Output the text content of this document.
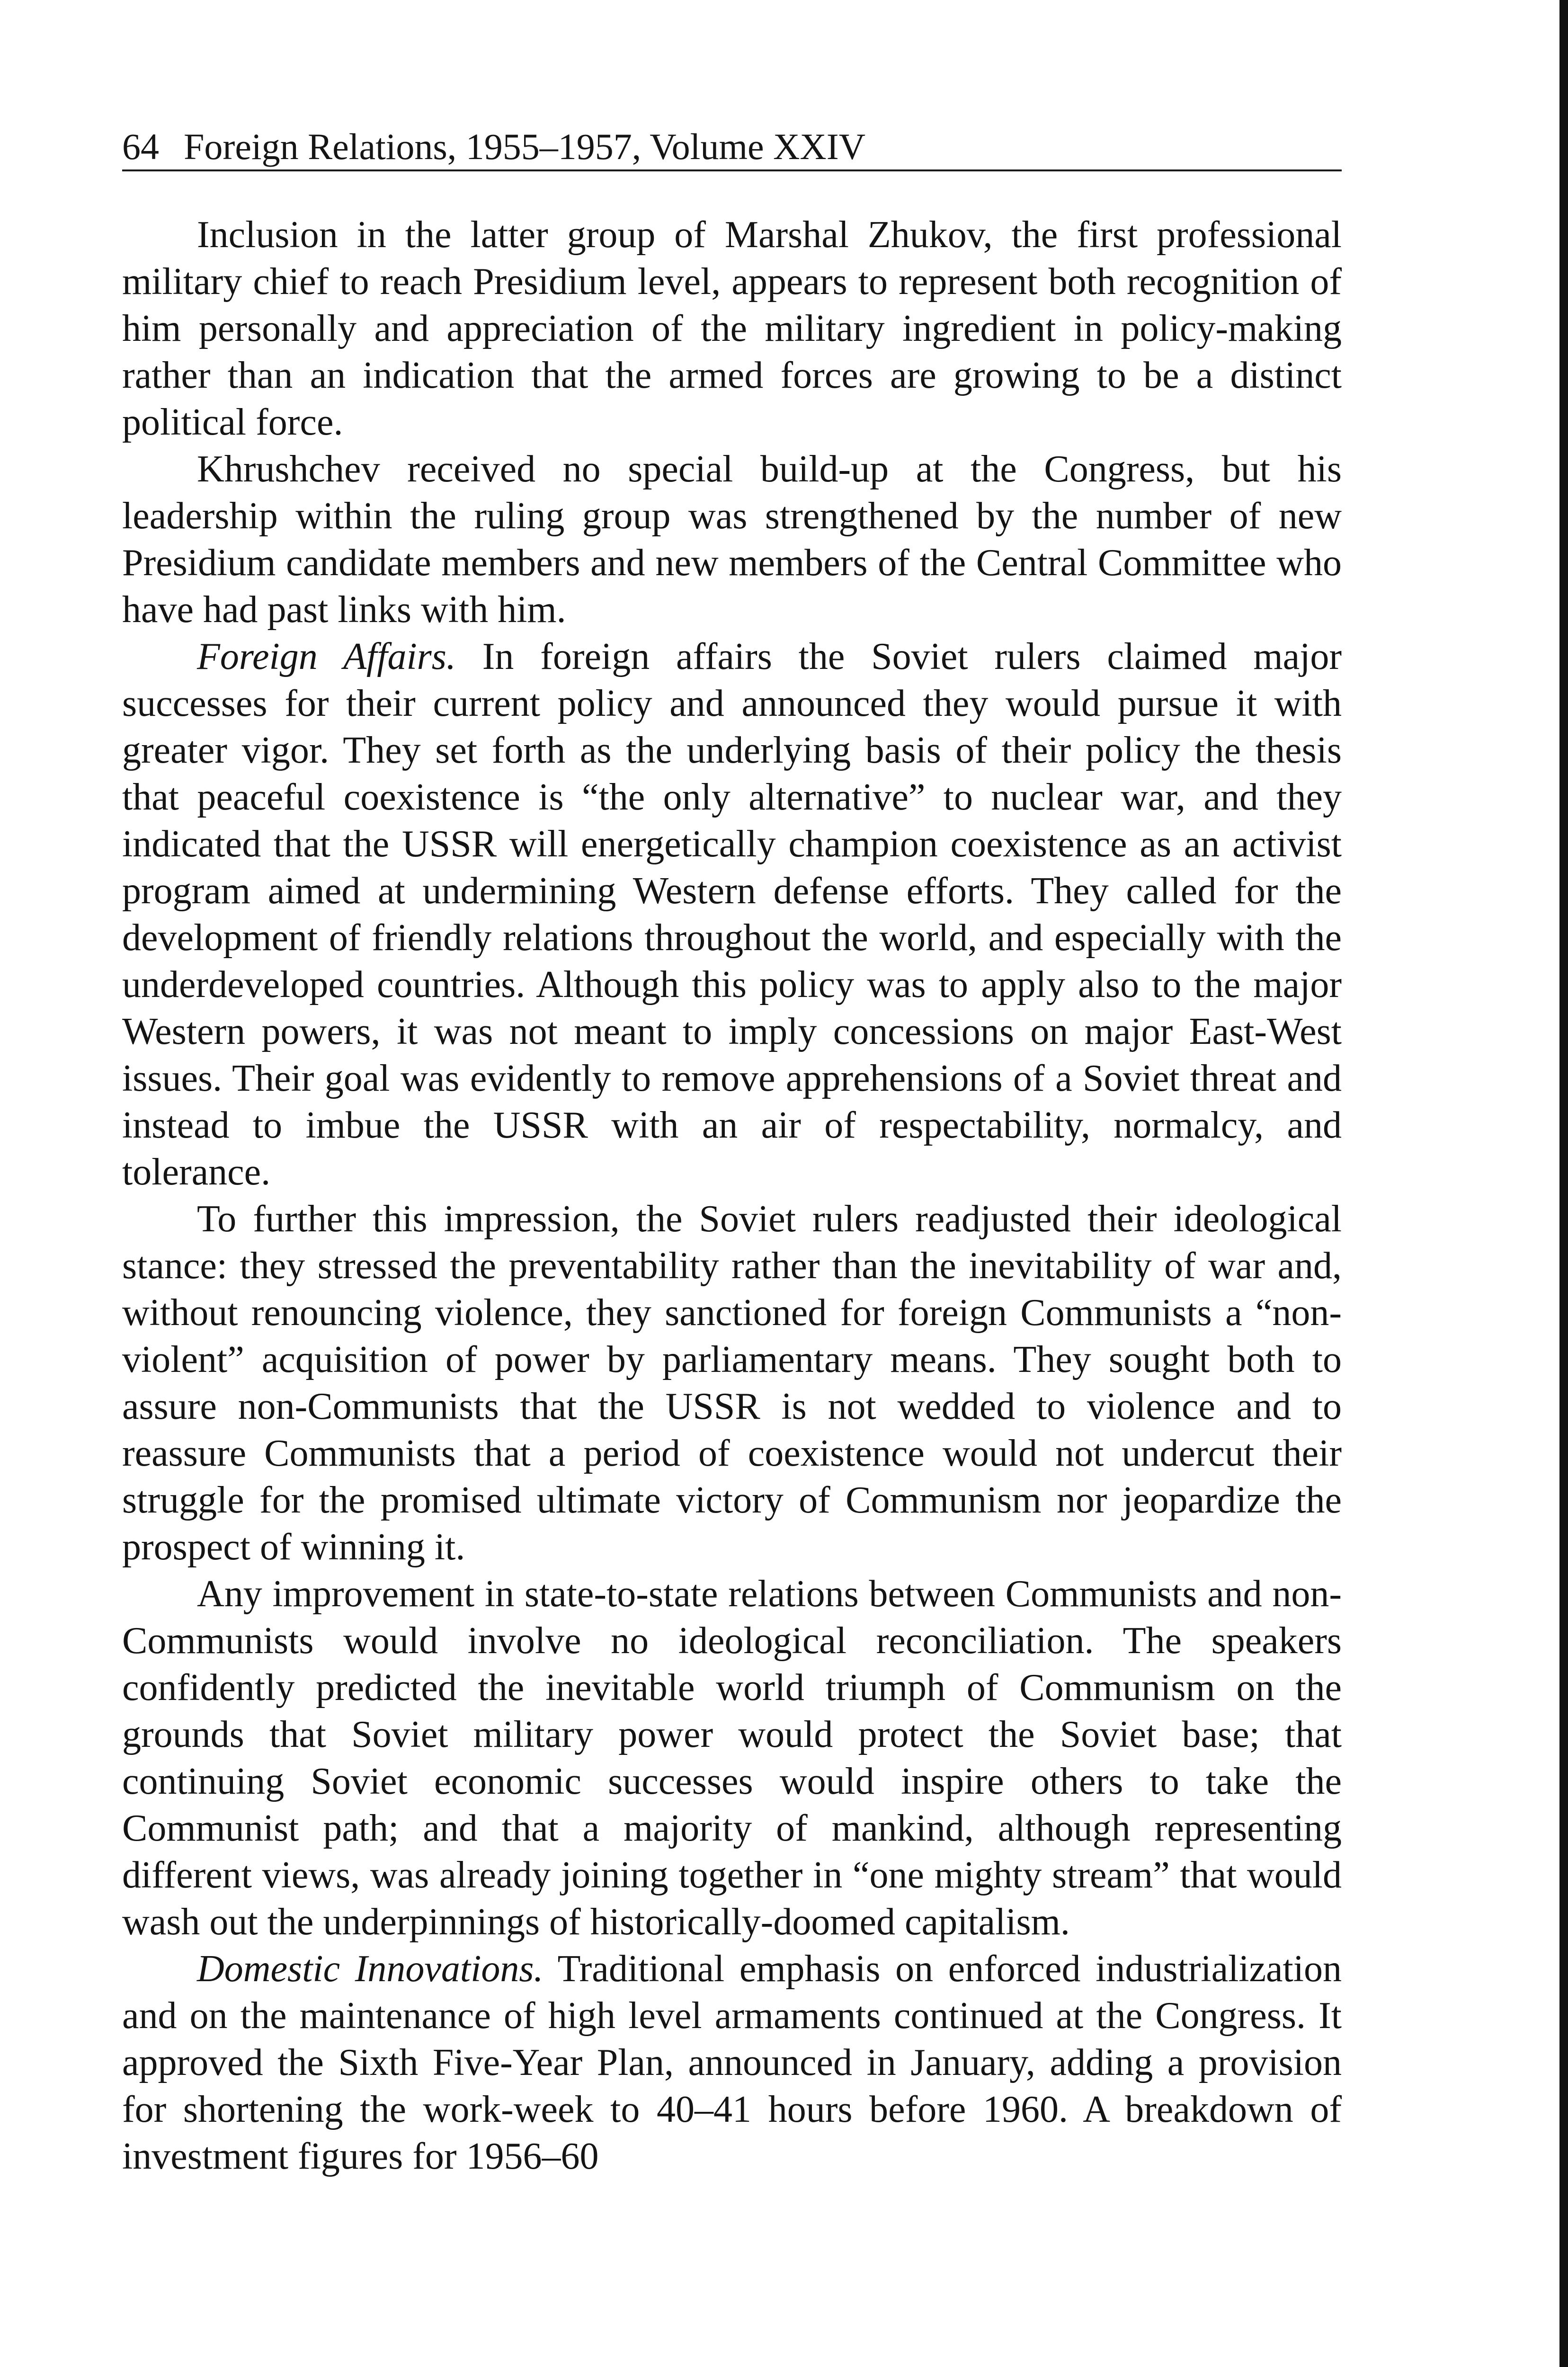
64 Foreign Relations, 1955–1957, Volume XXIV

Inclusion in the latter group of Marshal Zhukov, the first professional military chief to reach Presidium level, appears to represent both recognition of him personally and appreciation of the military ingredient in policy-making rather than an indication that the armed forces are growing to be a distinct political force.

Khrushchev received no special build-up at the Congress, but his leadership within the ruling group was strengthened by the number of new Presidium candidate members and new members of the Central Committee who have had past links with him.

Foreign Affairs. In foreign affairs the Soviet rulers claimed major successes for their current policy and announced they would pursue it with greater vigor. They set forth as the underlying basis of their policy the thesis that peaceful coexistence is “the only alternative” to nuclear war, and they indicated that the USSR will energetically champion coexistence as an activist program aimed at undermining Western defense efforts. They called for the development of friendly relations throughout the world, and especially with the underdeveloped countries. Although this policy was to apply also to the major Western powers, it was not meant to imply concessions on major East-West issues. Their goal was evidently to remove apprehensions of a Soviet threat and instead to imbue the USSR with an air of respectability, normalcy, and tolerance.

To further this impression, the Soviet rulers readjusted their ideological stance: they stressed the preventability rather than the inevitability of war and, without renouncing violence, they sanctioned for foreign Communists a “non-violent” acquisition of power by parliamentary means. They sought both to assure non-Communists that the USSR is not wedded to violence and to reassure Communists that a period of coexistence would not undercut their struggle for the promised ultimate victory of Communism nor jeopardize the prospect of winning it.

Any improvement in state-to-state relations between Communists and non-Communists would involve no ideological reconciliation. The speakers confidently predicted the inevitable world triumph of Communism on the grounds that Soviet military power would protect the Soviet base; that continuing Soviet economic successes would inspire others to take the Communist path; and that a majority of mankind, although representing different views, was already joining together in “one mighty stream” that would wash out the underpinnings of historically-doomed capitalism.

Domestic Innovations. Traditional emphasis on enforced industrialization and on the maintenance of high level armaments continued at the Congress. It approved the Sixth Five-Year Plan, announced in January, adding a provision for shortening the work-week to 40–41 hours before 1960. A breakdown of investment figures for 1956–60
